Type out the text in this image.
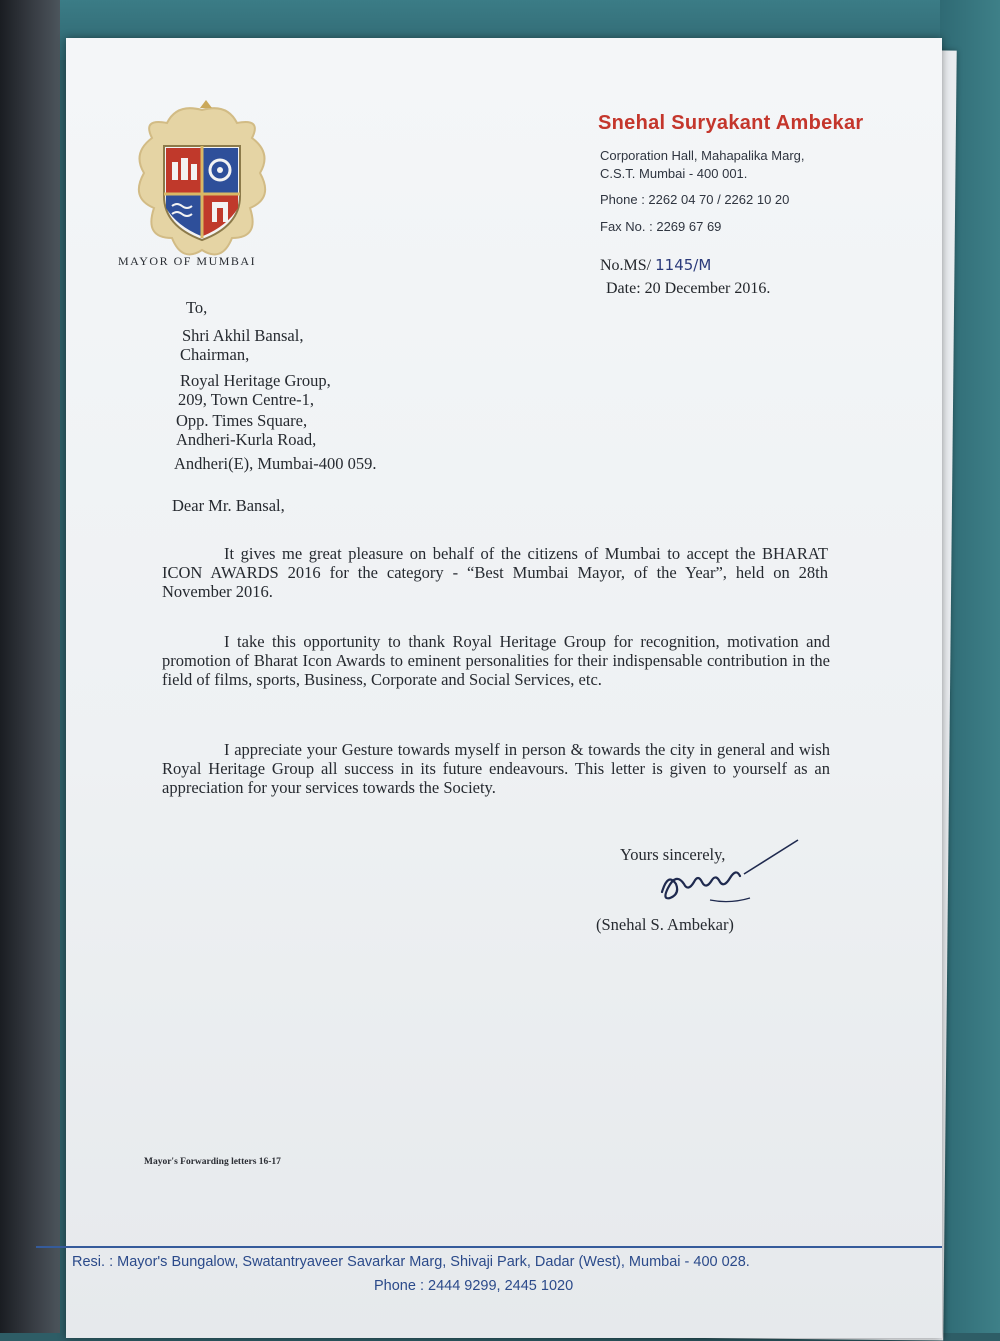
MAYOR OF MUMBAI
Snehal Suryakant Ambekar
Corporation Hall, Mahapalika Marg,
C.S.T. Mumbai - 400 001.
Phone : 2262 04 70 / 2262 10 20
Fax No. : 2269 67 69
No.MS/ 1145/M
Date: 20 December 2016.
To,
Shri Akhil Bansal,
Chairman,
Royal Heritage Group,
209, Town Centre-1,
Opp. Times Square,
Andheri-Kurla Road,
Andheri(E), Mumbai-400 059.
Dear Mr. Bansal,
It gives me great pleasure on behalf of the citizens of Mumbai to accept the BHARAT ICON AWARDS 2016 for the category - “Best Mumbai Mayor, of the Year”, held on 28th November 2016.
I take this opportunity to thank Royal Heritage Group for recognition, motivation and promotion of Bharat Icon Awards to eminent personalities for their indispensable contribution in the field of films, sports, Business, Corporate and Social Services, etc.
I appreciate your Gesture towards myself in person & towards the city in general and wish Royal Heritage Group all success in its future endeavours. This letter is given to yourself as an appreciation for your services towards the Society.
Yours sincerely,
(Snehal S. Ambekar)
Mayor's Forwarding letters 16-17
Resi. : Mayor's Bungalow, Swatantryaveer Savarkar Marg, Shivaji Park, Dadar (West), Mumbai - 400 028.
Phone : 2444 9299, 2445 1020
